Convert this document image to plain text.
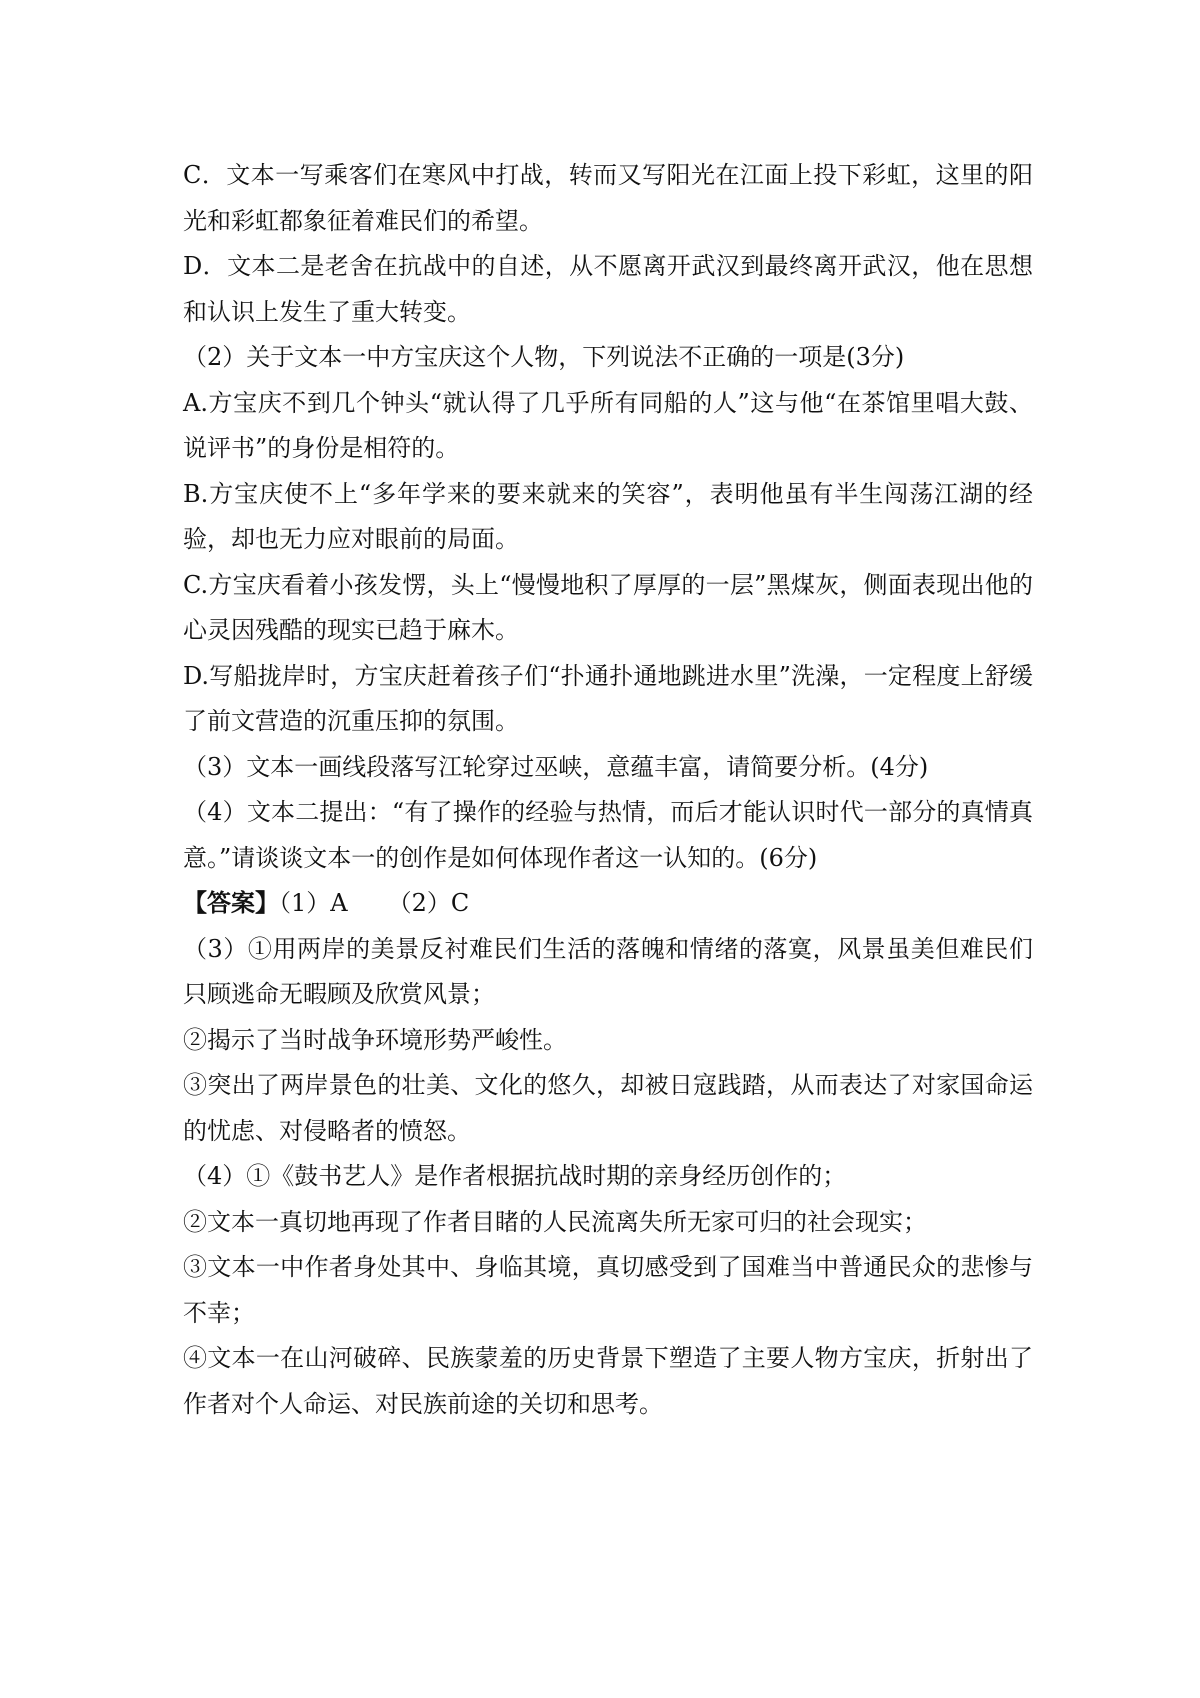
C．文本一写乘客们在寒风中打战，转而又写阳光在江面上投下彩虹，这里的阳光和彩虹都象征着难民们的希望。

D．文本二是老舍在抗战中的自述，从不愿离开武汉到最终离开武汉，他在思想和认识上发生了重大转变。

（2）关于文本一中方宝庆这个人物，下列说法不正确的一项是(3分)

A.方宝庆不到几个钟头“就认得了几乎所有同船的人”这与他“在茶馆里唱大鼓、说评书”的身份是相符的。

B.方宝庆使不上“多年学来的要来就来的笑容”，表明他虽有半生闯荡江湖的经验，却也无力应对眼前的局面。

C.方宝庆看着小孩发愣，头上“慢慢地积了厚厚的一层”黑煤灰，侧面表现出他的心灵因残酷的现实已趋于麻木。

D.写船拢岸时，方宝庆赶着孩子们“扑通扑通地跳进水里”洗澡，一定程度上舒缓了前文营造的沉重压抑的氛围。

（3）文本一画线段落写江轮穿过巫峡，意蕴丰富，请简要分析。(4分)

（4）文本二提出：“有了操作的经验与热情，而后才能认识时代一部分的真情真意。”请谈谈文本一的创作是如何体现作者这一认知的。(6分)

【答案】（1）A （2）C

（3）①用两岸的美景反衬难民们生活的落魄和情绪的落寞，风景虽美但难民们只顾逃命无暇顾及欣赏风景；

②揭示了当时战争环境形势严峻性。

③突出了两岸景色的壮美、文化的悠久，却被日寇践踏，从而表达了对家国命运的忧虑、对侵略者的愤怒。

（4）①《鼓书艺人》是作者根据抗战时期的亲身经历创作的；

②文本一真切地再现了作者目睹的人民流离失所无家可归的社会现实；

③文本一中作者身处其中、身临其境，真切感受到了国难当中普通民众的悲惨与不幸；

④文本一在山河破碎、民族蒙羞的历史背景下塑造了主要人物方宝庆，折射出了作者对个人命运、对民族前途的关切和思考。
